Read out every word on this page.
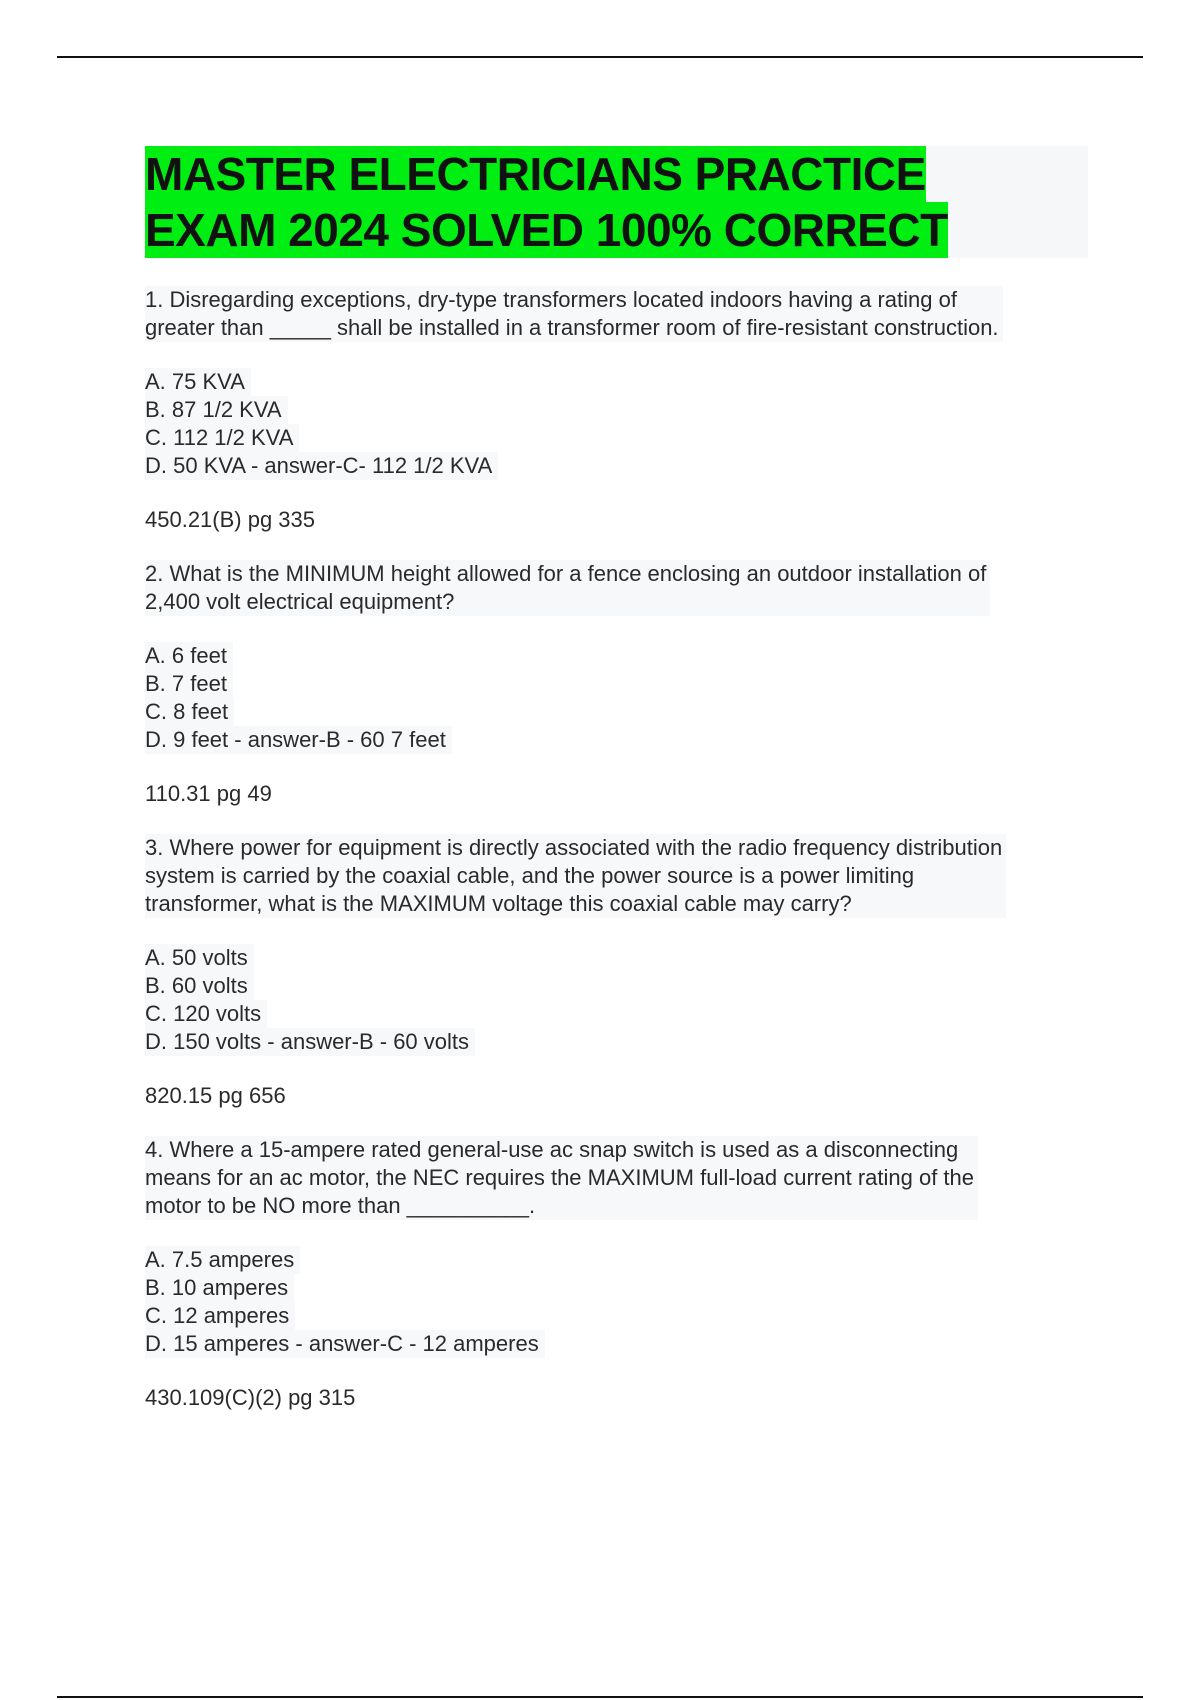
MASTER ELECTRICIANS PRACTICE
EXAM 2024 SOLVED 100% CORRECT
1. Disregarding exceptions, dry-type transformers located indoors having a rating of
greater than _____ shall be installed in a transformer room of fire-resistant construction.
A. 75 KVA
B. 87 1/2 KVA
C. 112 1/2 KVA
D. 50 KVA - answer-C- 112 1/2 KVA
450.21(B) pg 335
2. What is the MINIMUM height allowed for a fence enclosing an outdoor installation of
2,400 volt electrical equipment?
A. 6 feet
B. 7 feet
C. 8 feet
D. 9 feet - answer-B - 60 7 feet
110.31 pg 49
3. Where power for equipment is directly associated with the radio frequency distribution
system is carried by the coaxial cable, and the power source is a power limiting
transformer, what is the MAXIMUM voltage this coaxial cable may carry?
A. 50 volts
B. 60 volts
C. 120 volts
D. 150 volts - answer-B - 60 volts
820.15 pg 656
4. Where a 15-ampere rated general-use ac snap switch is used as a disconnecting
means for an ac motor, the NEC requires the MAXIMUM full-load current rating of the
motor to be NO more than __________.
A. 7.5 amperes
B. 10 amperes
C. 12 amperes
D. 15 amperes - answer-C - 12 amperes
430.109(C)(2) pg 315
